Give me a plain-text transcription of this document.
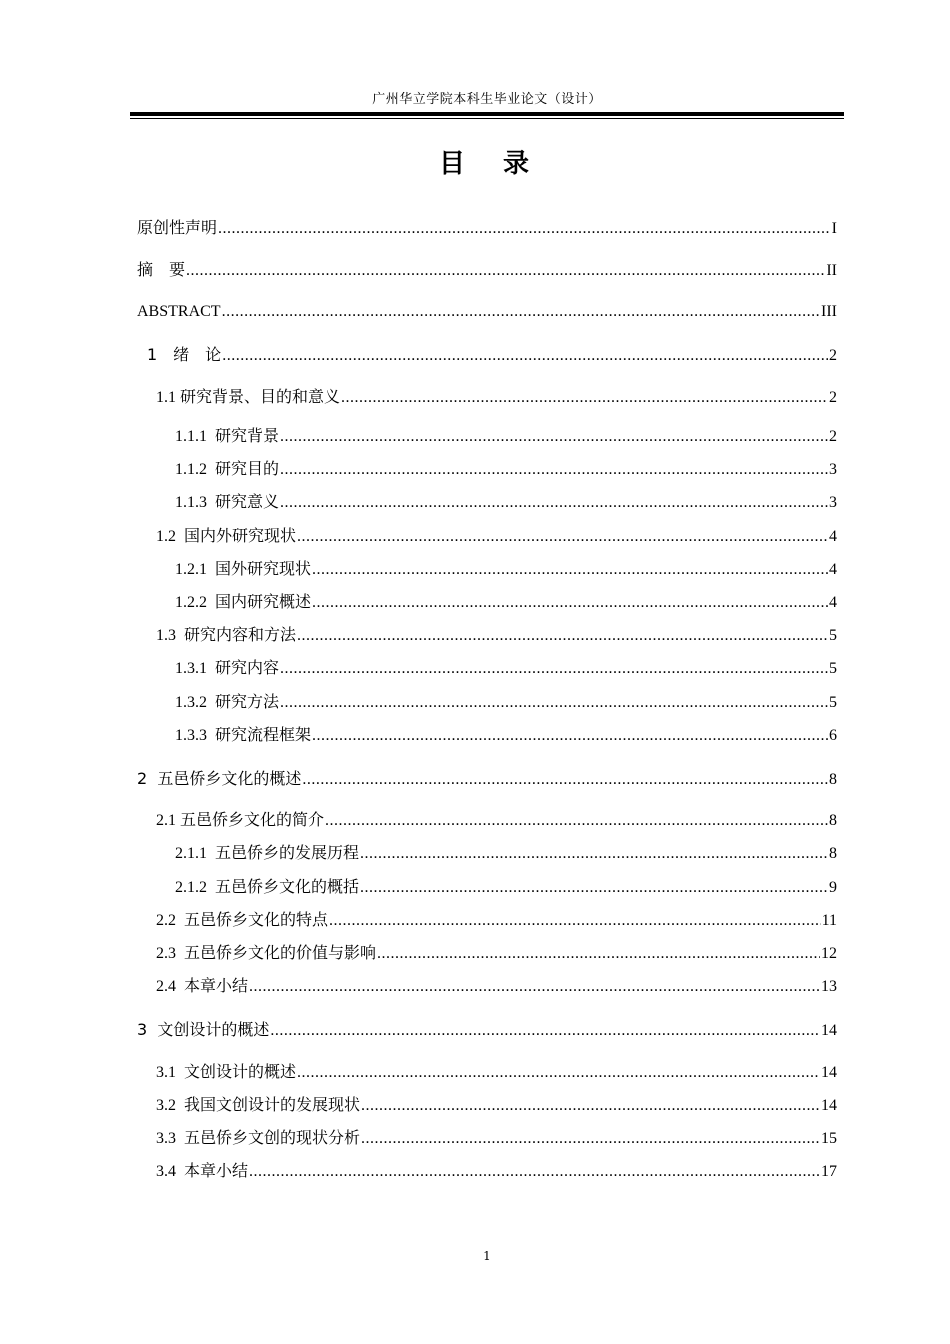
广州华立学院本科生毕业论文（设计）
目　录
原创性声明 .....	I
摘　要 .....	II
ABSTRACT .....	III
1　绪　论 .....	2
1.1 研究背景、目的和意义 .....	2
1.1.1  研究背景 .....	2
1.1.2  研究目的 .....	3
1.1.3  研究意义 .....	3
1.2  国内外研究现状 .....	4
1.2.1  国外研究现状 .....	4
1.2.2  国内研究概述 .....	4
1.3  研究内容和方法 .....	5
1.3.1  研究内容 .....	5
1.3.2  研究方法 .....	5
1.3.3  研究流程框架 .....	6
2  五邑侨乡文化的概述 .....	8
2.1 五邑侨乡文化的简介 .....	8
2.1.1  五邑侨乡的发展历程 .....	8
2.1.2  五邑侨乡文化的概括 .....	9
2.2  五邑侨乡文化的特点 .....	11
2.3  五邑侨乡文化的价值与影响 .....	12
2.4  本章小结 .....	13
3  文创设计的概述 .....	14
3.1  文创设计的概述 .....	14
3.2  我国文创设计的发展现状 .....	14
3.3  五邑侨乡文创的现状分析 .....	15
3.4  本章小结 .....	17
1
